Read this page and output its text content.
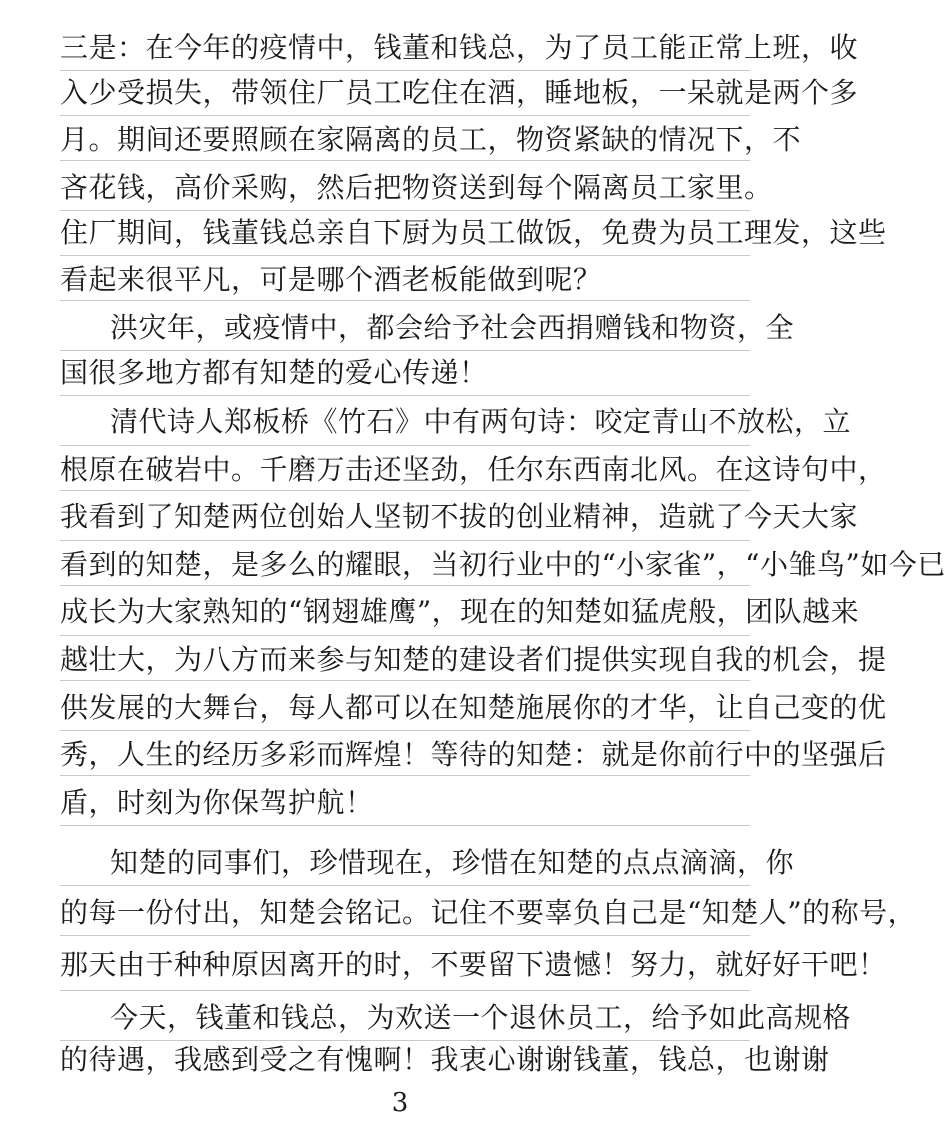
三是：在今年的疫情中，钱董和钱总，为了员工能正常上班，收
入少受损失，带领住厂员工吃住在酒，睡地板，一呆就是两个多
月。期间还要照顾在家隔离的员工，物资紧缺的情况下，不
吝花钱，高价采购，然后把物资送到每个隔离员工家里。
住厂期间，钱董钱总亲自下厨为员工做饭，免费为员工理发，这些
看起来很平凡，可是哪个酒老板能做到呢？
洪灾年，或疫情中，都会给予社会西捐赠钱和物资，全
国很多地方都有知楚的爱心传递！
清代诗人郑板桥《竹石》中有两句诗：咬定青山不放松，立
根原在破岩中。千磨万击还坚劲，任尔东西南北风。在这诗句中，
我看到了知楚两位创始人坚韧不拔的创业精神，造就了今天大家
看到的知楚，是多么的耀眼，当初行业中的“小家雀”，“小雏鸟”如今已
成长为大家熟知的“钢翅雄鹰”，现在的知楚如猛虎般，团队越来
越壮大，为八方而来参与知楚的建设者们提供实现自我的机会，提
供发展的大舞台，每人都可以在知楚施展你的才华，让自己变的优
秀，人生的经历多彩而辉煌！等待的知楚：就是你前行中的坚强后
盾，时刻为你保驾护航！
知楚的同事们，珍惜现在，珍惜在知楚的点点滴滴，你
的每一份付出，知楚会铭记。记住不要辜负自己是“知楚人”的称号，
那天由于种种原因离开的时，不要留下遗憾！努力，就好好干吧！
今天，钱董和钱总，为欢送一个退休员工，给予如此高规格
的待遇，我感到受之有愧啊！我衷心谢谢钱董，钱总，也谢谢
3
